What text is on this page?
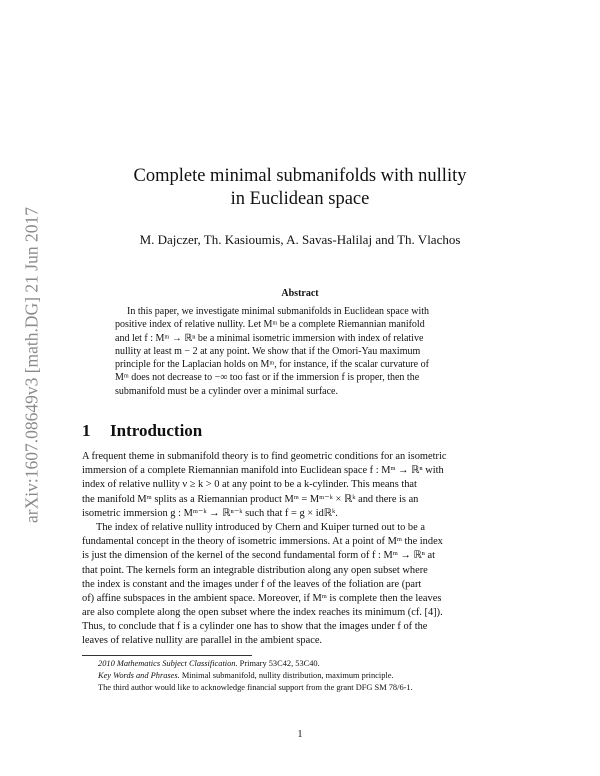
arXiv:1607.08649v3 [math.DG] 21 Jun 2017
Complete minimal submanifolds with nullity
in Euclidean space
M. Dajczer, Th. Kasioumis, A. Savas-Halilaj and Th. Vlachos
Abstract
In this paper, we investigate minimal submanifolds in Euclidean space with
positive index of relative nullity. Let Mᵐ be a complete Riemannian manifold
and let f : Mᵐ → ℝⁿ be a minimal isometric immersion with index of relative
nullity at least m − 2 at any point. We show that if the Omori-Yau maximum
principle for the Laplacian holds on Mᵐ, for instance, if the scalar curvature of
Mᵐ does not decrease to −∞ too fast or if the immersion f is proper, then the
submanifold must be a cylinder over a minimal surface.
1 Introduction
A frequent theme in submanifold theory is to find geometric conditions for an isometric
immersion of a complete Riemannian manifold into Euclidean space f : Mᵐ → ℝⁿ with
index of relative nullity ν ≥ k > 0 at any point to be a k-cylinder. This means that
the manifold Mᵐ splits as a Riemannian product Mᵐ = Mᵐ⁻ᵏ × ℝᵏ and there is an
isometric immersion g : Mᵐ⁻ᵏ → ℝⁿ⁻ᵏ such that f = g × idℝᵏ.
The index of relative nullity introduced by Chern and Kuiper turned out to be a
fundamental concept in the theory of isometric immersions. At a point of Mᵐ the index
is just the dimension of the kernel of the second fundamental form of f : Mᵐ → ℝⁿ at
that point. The kernels form an integrable distribution along any open subset where
the index is constant and the images under f of the leaves of the foliation are (part
of) affine subspaces in the ambient space. Moreover, if Mᵐ is complete then the leaves
are also complete along the open subset where the index reaches its minimum (cf. [4]).
Thus, to conclude that f is a cylinder one has to show that the images under f of the
leaves of relative nullity are parallel in the ambient space.
2010 Mathematics Subject Classification. Primary 53C42, 53C40.
Key Words and Phrases. Minimal submanifold, nullity distribution, maximum principle.
The third author would like to acknowledge financial support from the grant DFG SM 78/6-1.
1
